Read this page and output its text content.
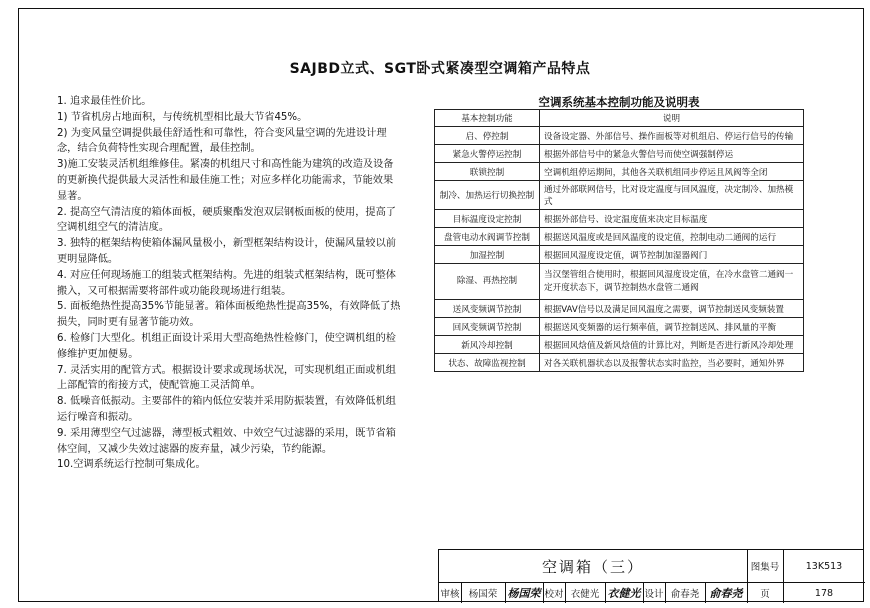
SAJBD立式、SGT卧式紧凑型空调箱产品特点

1. 追求最佳性价比。

1) 节省机房占地面积，与传统机型相比最大节省45%。

2) 为变风量空调提供最佳舒适性和可靠性，符合变风量空调的先进设计理念，结合负荷特性实现合理配置，最佳控制。

3)施工安装灵活机组维修佳。紧凑的机组尺寸和高性能为建筑的改造及设备的更新换代提供最大灵活性和最佳施工性；对应多样化功能需求，节能效果显著。

2. 提高空气清洁度的箱体面板，硬质聚酯发泡双层钢板面板的使用，提高了空调机组空气的清洁度。

3. 独特的框架结构使箱体漏风量极小，新型框架结构设计，使漏风量较以前更明显降低。

4. 对应任何现场施工的组装式框架结构。先进的组装式框架结构，既可整体搬入，又可根据需要将部件或功能段现场进行组装。

5. 面板绝热性提高35%节能显著。箱体面板绝热性提高35%，有效降低了热损失，同时更有显著节能功效。

6. 检修门大型化。机组正面设计采用大型高绝热性检修门，使空调机组的检修维护更加便易。

7. 灵活实用的配管方式。根据设计要求或现场状况，可实现机组正面或机组上部配管的衔接方式，使配管施工灵活简单。

8. 低噪音低振动。主要部件的箱内低位安装并采用防振装置，有效降低机组运行噪音和振动。

9. 采用薄型空气过滤器，薄型板式粗效、中效空气过滤器的采用，既节省箱体空间，又减少失效过滤器的废弃量，减少污染，节约能源。

10.空调系统运行控制可集成化。

空调系统基本控制功能及说明表
基本控制功能	说明
启、停控制	设备设定器、外部信号、操作面板等对机组启、停运行信号的传输
紧急火警停运控制	根据外部信号中的紧急火警信号而使空调强制停运
联锁控制	空调机组停运期间，其他各关联机组同步停运且风阀等全闭
制冷、加热运行切换控制	通过外部联网信号，比对设定温度与回风温度，决定制冷、加热模式
目标温度设定控制	根据外部信号、设定温度值来决定目标温度
盘管电动水阀调节控制	根据送风温度或是回风温度的设定值，控制电动二通阀的运行
加湿控制	根据回风湿度设定值，调节控制加湿器阀门
除湿、再热控制	当汉堡管组合使用时，根据回风湿度设定值，在冷水盘管二通阀一定开度状态下，调节控制热水盘管二通阀
送风变频调节控制	根据VAV信号以及满足回风温度之需要，调节控制送风变频装置
回风变频调节控制	根据送风变频器的运行频率值，调节控制送风、排风量的平衡
新风冷却控制	根据回风焓值及新风焓值的计算比对，判断是否进行新风冷却处理
状态、故障监视控制	对各关联机器状态以及报警状态实时监控，当必要时，通知外界
空调箱（三）	图集号	13K513
审核 杨国荣 杨国荣 校对 衣健光 衣健光 设计 俞春尧 俞春尧	页	178
